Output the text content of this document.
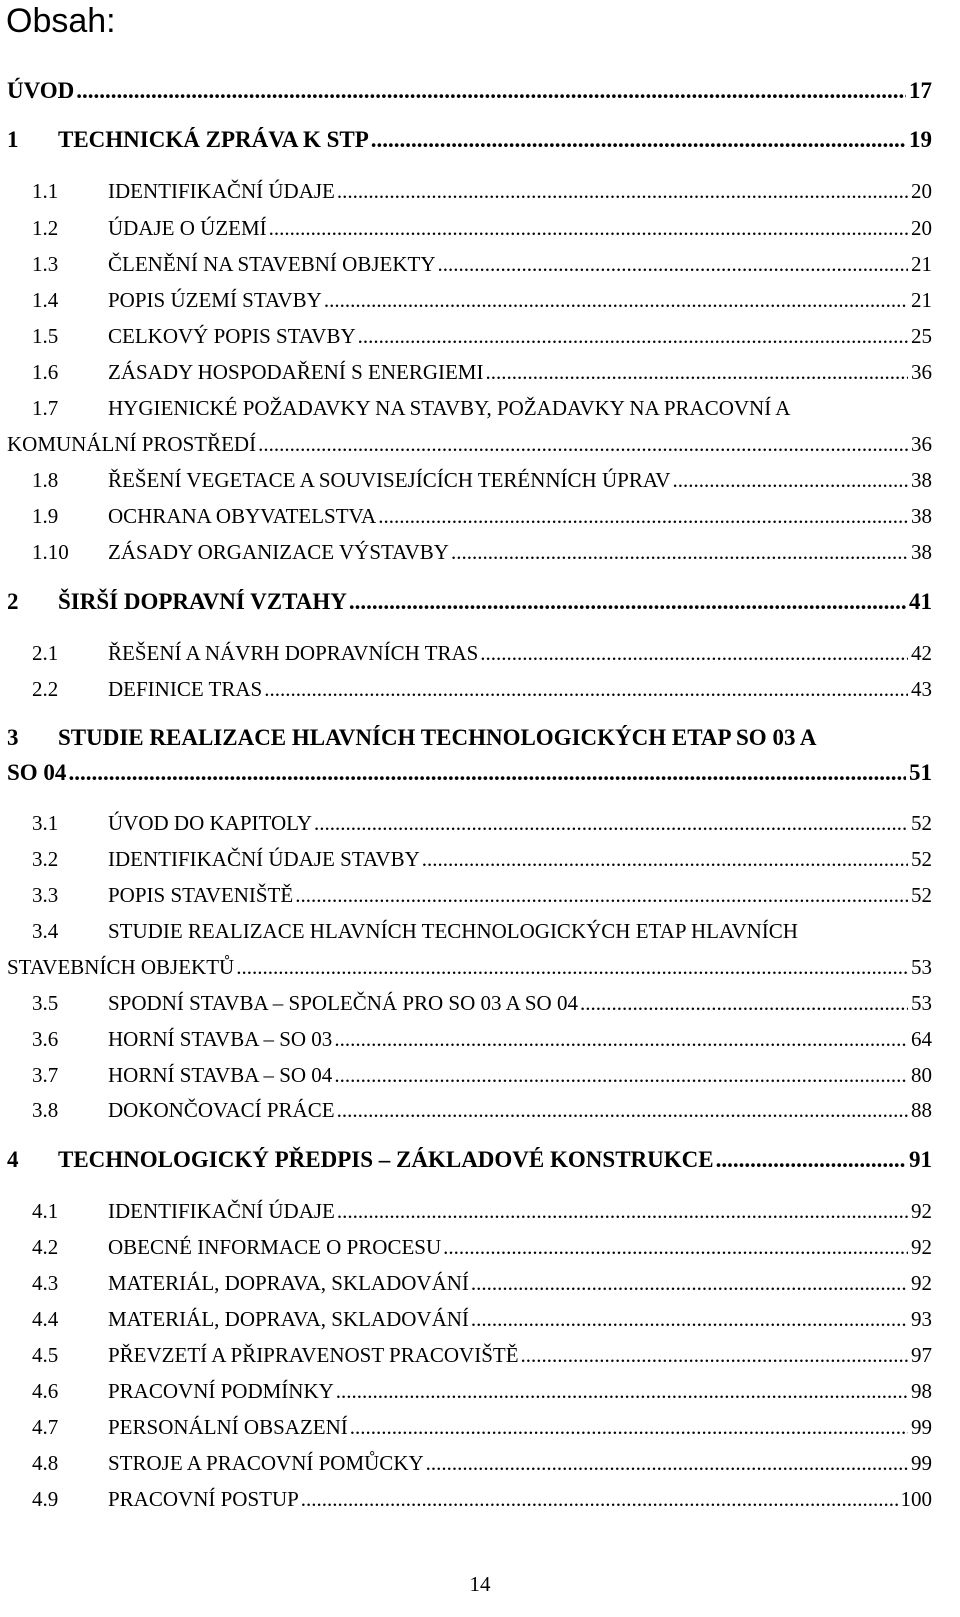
Obsah:
ÚVOD	17
.....
1 TECHNICKÁ ZPRÁVA K STP	19
.....
1.1 IDENTIFIKAČNÍ ÚDAJE	20
.....
1.2 ÚDAJE O ÚZEMÍ	20
.....
1.3 ČLENĚNÍ NA STAVEBNÍ OBJEKTY	21
.....
1.4 POPIS ÚZEMÍ STAVBY	21
.....
1.5 CELKOVÝ POPIS STAVBY	25
.....
1.6 ZÁSADY HOSPODAŘENÍ S ENERGIEMI	36
.....
1.7 HYGIENICKÉ POŽADAVKY NA STAVBY, POŽADAVKY NA PRACOVNÍ A
KOMUNÁLNÍ PROSTŘEDÍ	36
.....
1.8 ŘEŠENÍ VEGETACE A SOUVISEJÍCÍCH TERÉNNÍCH ÚPRAV	38
.....
1.9 OCHRANA OBYVATELSTVA	38
.....
1.10 ZÁSADY ORGANIZACE VÝSTAVBY	38
.....
2 ŠIRŠÍ DOPRAVNÍ VZTAHY	41
.....
2.1 ŘEŠENÍ A NÁVRH DOPRAVNÍCH TRAS	42
.....
2.2 DEFINICE TRAS	43
.....
3 STUDIE REALIZACE HLAVNÍCH TECHNOLOGICKÝCH ETAP SO 03 A
SO 04	51
.....
3.1 ÚVOD DO KAPITOLY	52
.....
3.2 IDENTIFIKAČNÍ ÚDAJE STAVBY	52
.....
3.3 POPIS STAVENIŠTĚ	52
.....
3.4 STUDIE REALIZACE HLAVNÍCH TECHNOLOGICKÝCH ETAP HLAVNÍCH
STAVEBNÍCH OBJEKTŮ	53
.....
3.5 SPODNÍ STAVBA – SPOLEČNÁ PRO SO 03 A SO 04	53
.....
3.6 HORNÍ STAVBA – SO 03	64
.....
3.7 HORNÍ STAVBA – SO 04	80
.....
3.8 DOKONČOVACÍ PRÁCE	88
.....
4 TECHNOLOGICKÝ PŘEDPIS – ZÁKLADOVÉ KONSTRUKCE	91
.....
4.1 IDENTIFIKAČNÍ ÚDAJE	92
.....
4.2 OBECNÉ INFORMACE O PROCESU	92
.....
4.3 MATERIÁL, DOPRAVA, SKLADOVÁNÍ	92
.....
4.4 MATERIÁL, DOPRAVA, SKLADOVÁNÍ	93
.....
4.5 PŘEVZETÍ A PŘIPRAVENOST PRACOVIŠTĚ	97
.....
4.6 PRACOVNÍ PODMÍNKY	98
.....
4.7 PERSONÁLNÍ OBSAZENÍ	99
.....
4.8 STROJE A PRACOVNÍ POMŮCKY	99
.....
4.9 PRACOVNÍ POSTUP	100
.....
14
